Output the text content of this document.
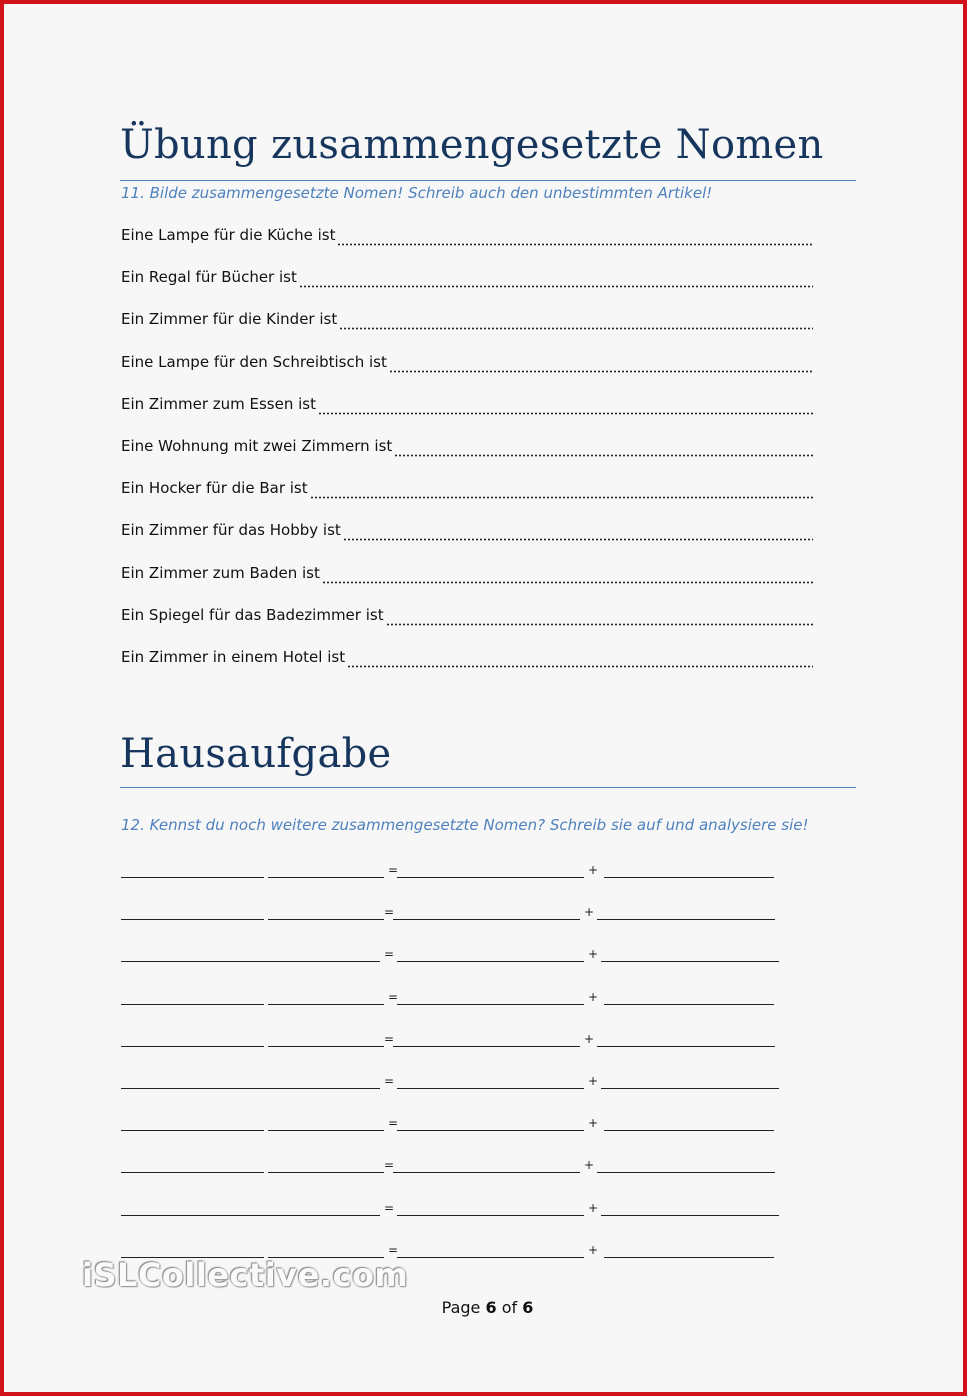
Übung zusammengesetzte Nomen
11. Bilde zusammengesetzte Nomen! Schreib auch den unbestimmten Artikel!
Eine Lampe für die Küche ist
Ein Regal für Bücher ist
Ein Zimmer für die Kinder ist
Eine Lampe für den Schreibtisch ist
Ein Zimmer zum Essen ist
Eine Wohnung mit zwei Zimmern ist
Ein Hocker für die Bar ist
Ein Zimmer für das Hobby ist
Ein Zimmer zum Baden ist
Ein Spiegel für das Badezimmer ist
Ein Zimmer in einem Hotel ist
Hausaufgabe
12. Kennst du noch weitere zusammengesetzte Nomen? Schreib sie auf und analysiere sie!
=	+
=	+
=	+
=	+
=	+
=	+
=	+
=	+
=	+
=	+
iSLCollective.com
Page 6 of 6
